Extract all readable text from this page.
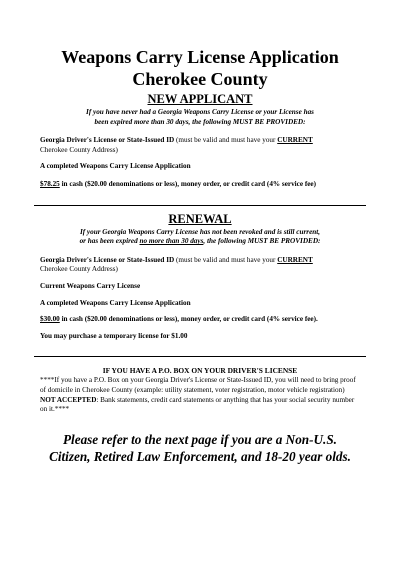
Weapons Carry License Application
Cherokee County
NEW APPLICANT
If you have never had a Georgia Weapons Carry License or your License has
been expired more than 30 days, the following MUST BE PROVIDED:
Georgia Driver's License or State-Issued ID (must be valid and must have your CURRENT
Cherokee County Address)
A completed Weapons Carry License Application
$78.25 in cash ($20.00 denominations or less), money order, or credit card (4% service fee)
RENEWAL
If your Georgia Weapons Carry License has not been revoked and is still current,
or has been expired no more than 30 days, the following MUST BE PROVIDED:
Georgia Driver's License or State-Issued ID (must be valid and must have your CURRENT
Cherokee County Address)
Current Weapons Carry License
A completed Weapons Carry License Application
$30.00 in cash ($20.00 denominations or less), money order, or credit card (4% service fee).
You may purchase a temporary license for $1.00
IF YOU HAVE A P.O. BOX ON YOUR DRIVER'S LICENSE
****If you have a P.O. Box on your Georgia Driver's License or State-Issued ID, you will need to bring proof of domicile in Cherokee County (example: utility statement, voter registration, motor vehicle registration) NOT ACCEPTED: Bank statements, credit card statements or anything that has your social security number on it.****
Please refer to the next page if you are a Non-U.S.
Citizen, Retired Law Enforcement, and 18-20 year olds.
